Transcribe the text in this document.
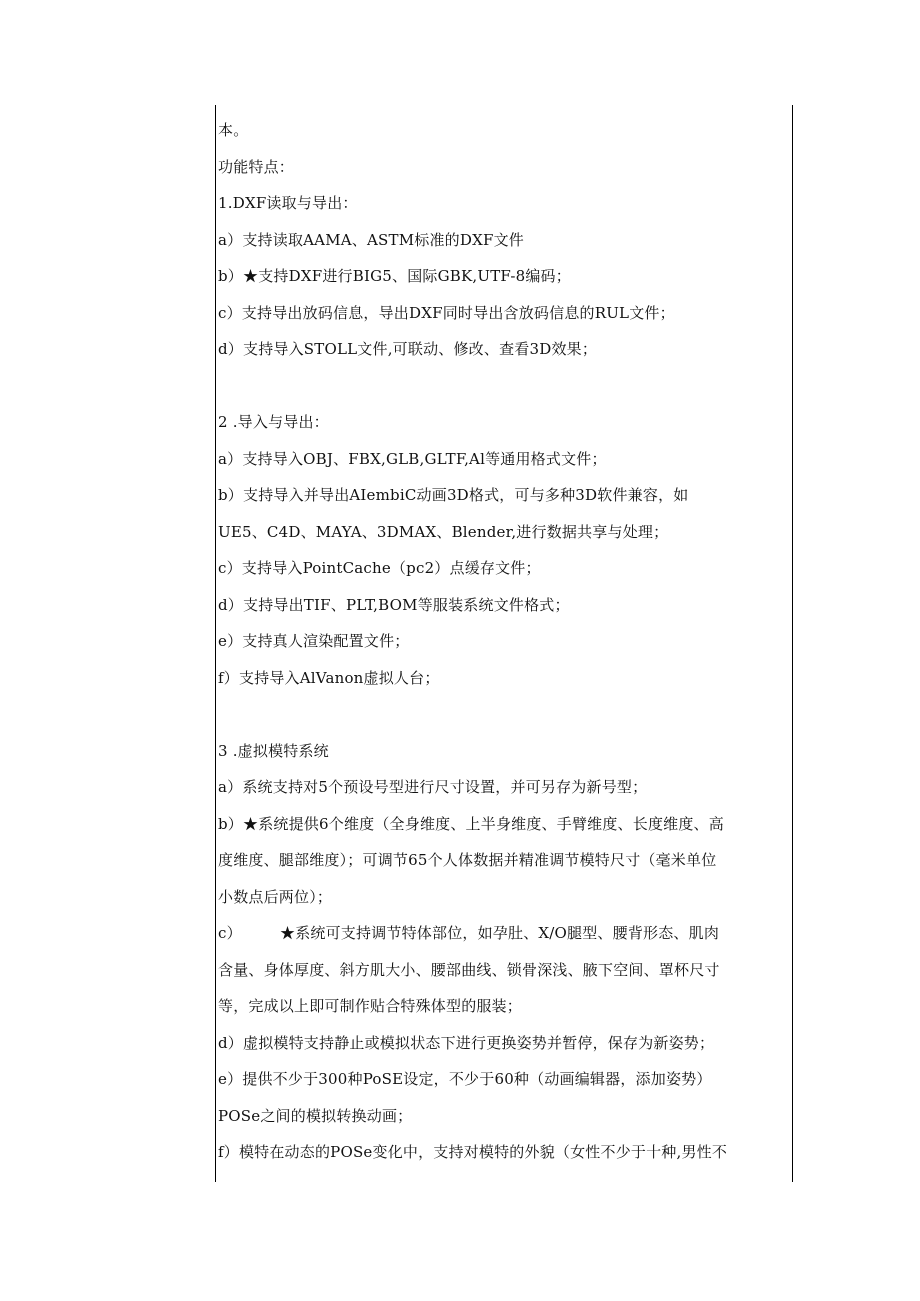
本。
功能特点：
1.DXF读取与导出：
a）支持读取AAMA、ASTM标准的DXF文件
b）★支持DXF进行BIG5、国际GBK,UTF-8编码；
c）支持导出放码信息，导出DXF同时导出含放码信息的RUL文件；
d）支持导入STOLL文件,可联动、修改、查看3D效果；
2 .导入与导出：
a）支持导入OBJ、FBX,GLB,GLTF,Al等通用格式文件；
b）支持导入并导出AIembiC动画3D格式，可与多种3D软件兼容，如
UE5、C4D、MAYA、3DMAX、Blender,进行数据共享与处理；
c）支持导入PointCache（pc2）点缓存文件；
d）支持导出TIF、PLT,BOM等服装系统文件格式；
e）支持真人渲染配置文件；
f）支持导入AlVanon虚拟人台；
3 .虚拟模特系统
a）系统支持对5个预设号型进行尺寸设置，并可另存为新号型；
b）★系统提供6个维度（全身维度、上半身维度、手臂维度、长度维度、高
度维度、腿部维度）；可调节65个人体数据并精准调节模特尺寸（毫米单位
小数点后两位）；
c）	★系统可支持调节特体部位，如孕肚、X/O腿型、腰背形态、肌肉
含量、身体厚度、斜方肌大小、腰部曲线、锁骨深浅、腋下空间、罩杯尺寸
等，完成以上即可制作贴合特殊体型的服装；
d）虚拟模特支持静止或模拟状态下进行更换姿势并暂停，保存为新姿势；
e）提供不少于300种PoSE设定，不少于60种（动画编辑器，添加姿势）
POSe之间的模拟转换动画；
f）模特在动态的POSe变化中，支持对模特的外貌（女性不少于十种,男性不
